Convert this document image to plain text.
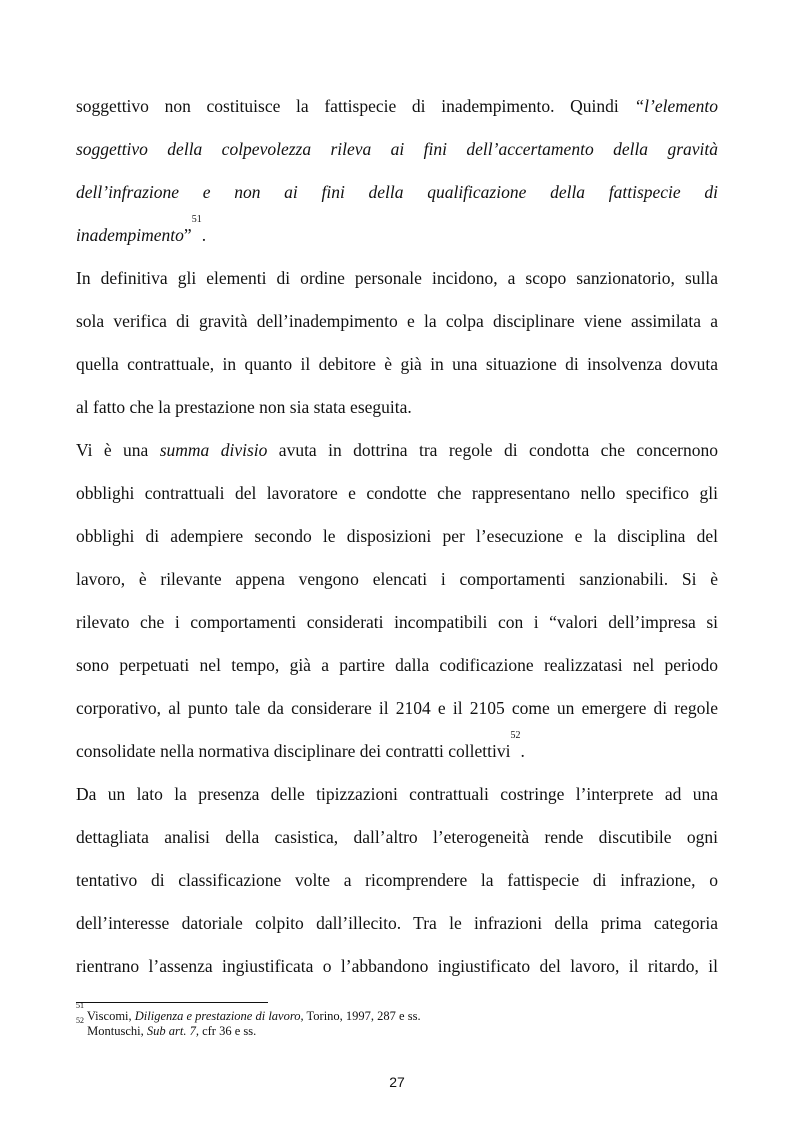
soggettivo non costituisce la fattispecie di inadempimento. Quindi “l’elemento

soggettivo della colpevolezza rileva ai fini dell’accertamento della gravità

dell’infrazione e non ai fini della qualificazione della fattispecie di

inadempimento”$^{51}$.

In definitiva gli elementi di ordine personale incidono, a scopo sanzionatorio, sulla

sola verifica di gravità dell’inadempimento e la colpa disciplinare viene assimilata a

quella contrattuale, in quanto il debitore è già in una situazione di insolvenza dovuta

al fatto che la prestazione non sia stata eseguita.

Vi è una summa divisio avuta in dottrina tra regole di condotta che concernono

obblighi contrattuali del lavoratore e condotte che rappresentano nello specifico gli

obblighi di adempiere secondo le disposizioni per l’esecuzione e la disciplina del

lavoro, è rilevante appena vengono elencati i comportamenti sanzionabili. Si è

rilevato che i comportamenti considerati incompatibili con i “valori dell’impresa si

sono perpetuati nel tempo, già a partire dalla codificazione realizzatasi nel periodo

corporativo, al punto tale da considerare il 2104 e il 2105 come un emergere di regole

consolidate nella normativa disciplinare dei contratti collettivi$^{52}$.

Da un lato la presenza delle tipizzazioni contrattuali costringe l’interprete ad una

dettagliata analisi della casistica, dall’altro l’eterogeneità rende discutibile ogni

tentativo di classificazione volte a ricomprendere la fattispecie di infrazione, o

dell’interesse datoriale colpito dall’illecito. Tra le infrazioni della prima categoria

rientrano l’assenza ingiustificata o l’abbandono ingiustificato del lavoro, il ritardo, il

$^{51}$ Viscomi, Diligenza e prestazione di lavoro, Torino, 1997, 287 e ss.

$^{52}$ Montuschi, Sub art. 7, cfr 36 e ss.

27
